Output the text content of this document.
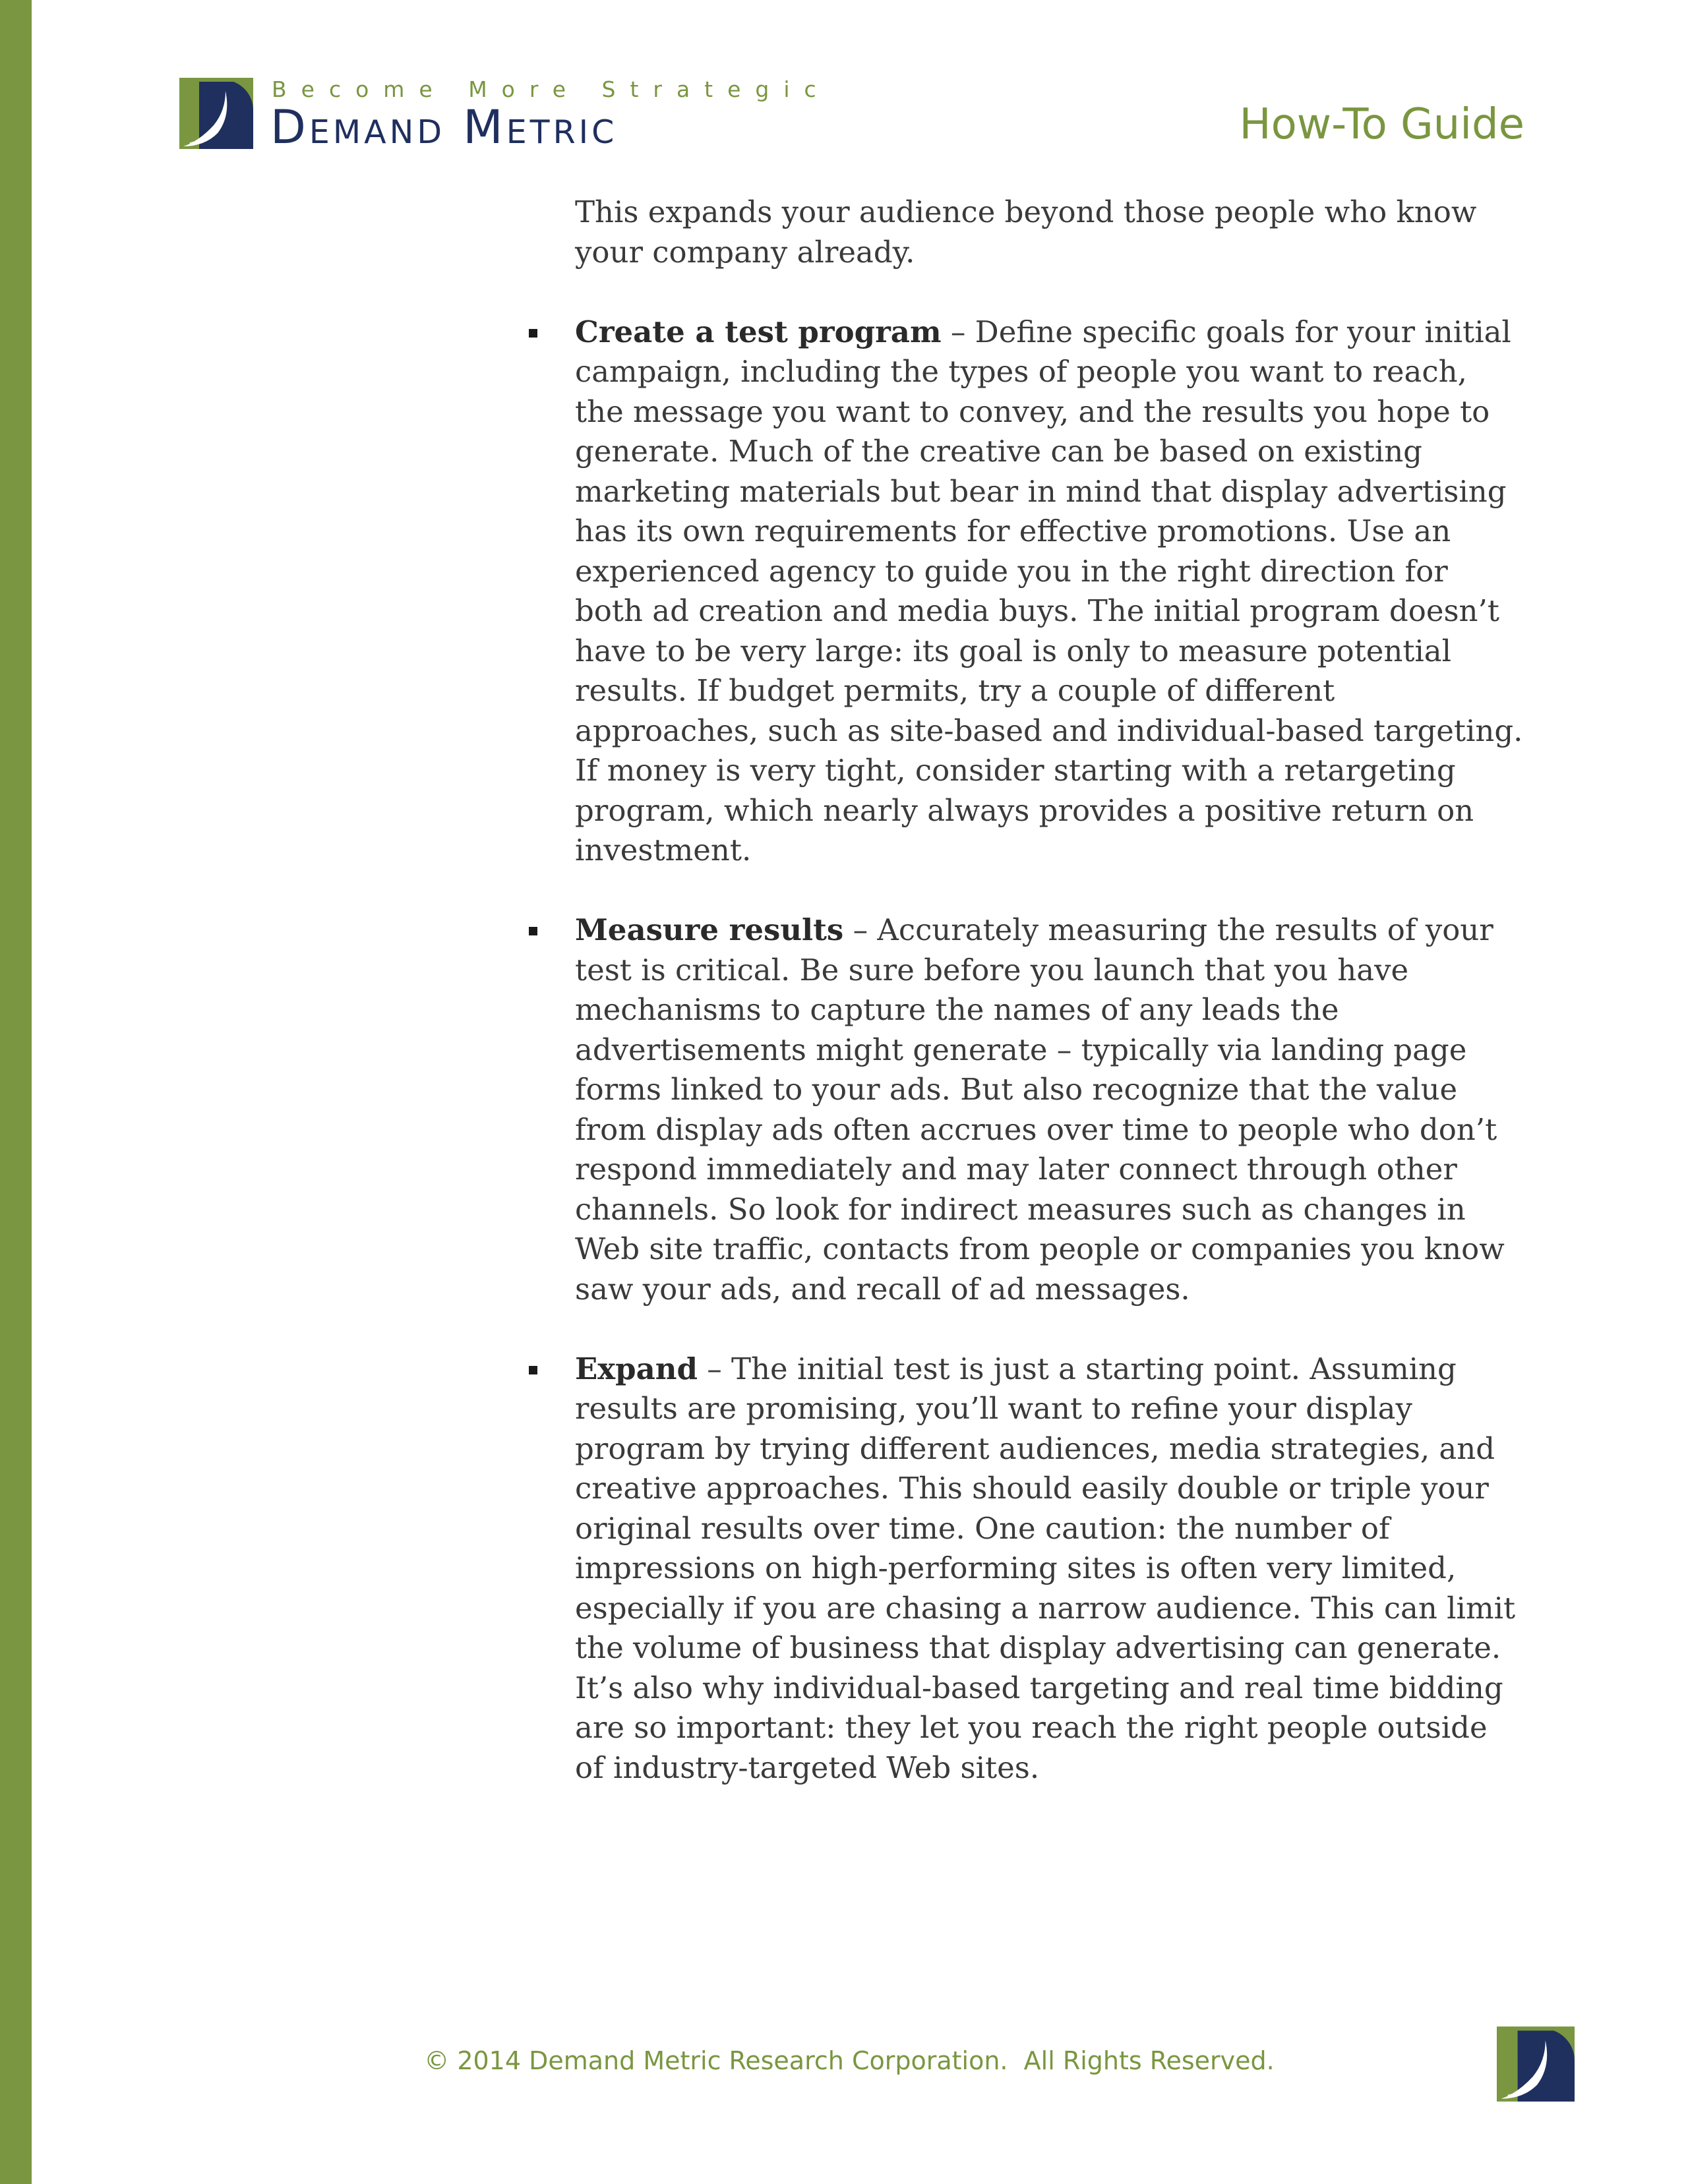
Become More Strategic
Demand Metric	How-To Guide

This expands your audience beyond those people who know your company already.

Create a test program – Define specific goals for your initial campaign, including the types of people you want to reach, the message you want to convey, and the results you hope to generate. Much of the creative can be based on existing marketing materials but bear in mind that display advertising has its own requirements for effective promotions. Use an experienced agency to guide you in the right direction for both ad creation and media buys. The initial program doesn’t have to be very large: its goal is only to measure potential results. If budget permits, try a couple of different approaches, such as site-based and individual-based targeting. If money is very tight, consider starting with a retargeting program, which nearly always provides a positive return on investment.
Measure results – Accurately measuring the results of your test is critical. Be sure before you launch that you have mechanisms to capture the names of any leads the advertisements might generate – typically via landing page forms linked to your ads. But also recognize that the value from display ads often accrues over time to people who don’t respond immediately and may later connect through other channels. So look for indirect measures such as changes in Web site traffic, contacts from people or companies you know saw your ads, and recall of ad messages.
Expand – The initial test is just a starting point. Assuming results are promising, you’ll want to refine your display program by trying different audiences, media strategies, and creative approaches. This should easily double or triple your original results over time. One caution: the number of impressions on high-performing sites is often very limited, especially if you are chasing a narrow audience. This can limit the volume of business that display advertising can generate. It’s also why individual-based targeting and real time bidding are so important: they let you reach the right people outside of industry-targeted Web sites.
© 2014 Demand Metric Research Corporation.  All Rights Reserved.
